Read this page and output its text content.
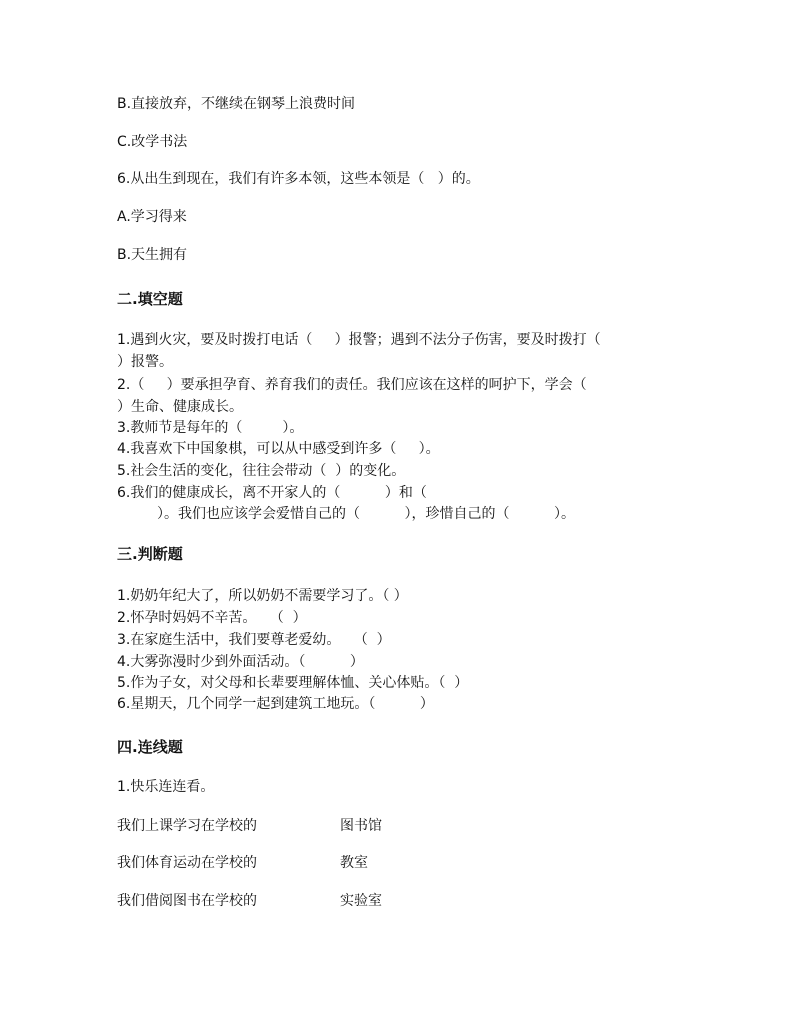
B.直接放弃，不继续在钢琴上浪费时间
C.改学书法
6.从出生到现在，我们有许多本领，这些本领是（   ）的。
A.学习得来
B.天生拥有
二.填空题
1.遇到火灾，要及时拨打电话（     ）报警；遇到不法分子伤害，要及时拨打（
）报警。
2.（     ）要承担孕育、养育我们的责任。我们应该在这样的呵护下，学会（
）生命、健康成长。
3.教师节是每年的（         ）。
4.我喜欢下中国象棋，可以从中感受到许多（     ）。
5.社会生活的变化，往往会带动（  ）的变化。
6.我们的健康成长，离不开家人的（          ）和（
）。我们也应该学会爱惜自己的（          ），珍惜自己的（          ）。
三.判断题
1.奶奶年纪大了，所以奶奶不需要学习了。（ ）
2.怀孕时妈妈不辛苦。   （  ）
3.在家庭生活中，我们要尊老爱幼。   （  ）
4.大雾弥漫时少到外面活动。（          ）
5.作为子女，对父母和长辈要理解体恤、关心体贴。（  ）
6.星期天，几个同学一起到建筑工地玩。（          ）
四.连线题
1.快乐连连看。
我们上课学习在学校的	图书馆
我们体育运动在学校的	教室
我们借阅图书在学校的	实验室
